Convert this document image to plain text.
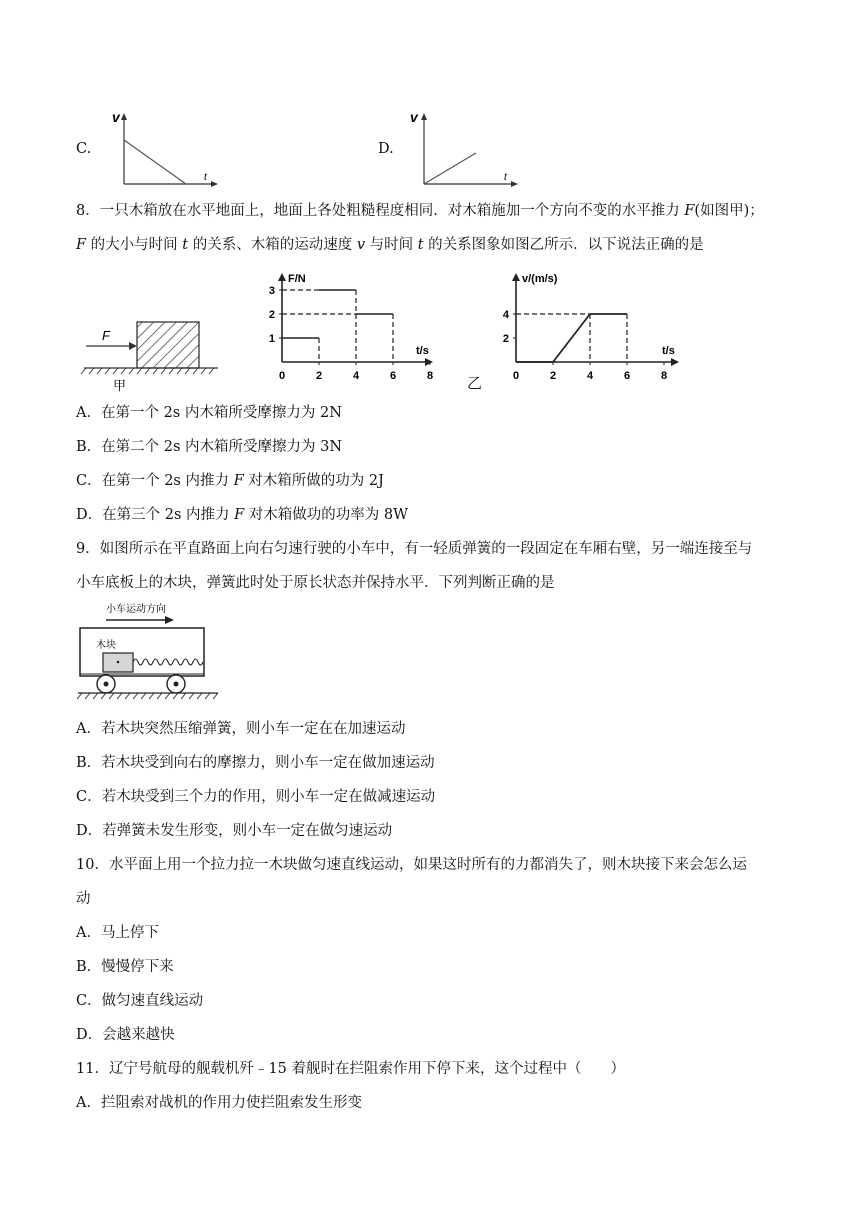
C.
v
t
D.
v
t
8．一只木箱放在水平地面上，地面上各处粗糙程度相同．对木箱施加一个方向不变的水平推力 F(如图甲)；
F 的大小与时间 t 的关系、木箱的运动速度 v 与时间 t 的关系图象如图乙所示．以下说法正确的是
F
甲
F/N
t/s
0	2	4	6	8
1
2
3
乙
v/(m/s)
t/s
0	2	4	6	8
2
4
A．在第一个 2s 内木箱所受摩擦力为 2N
B．在第二个 2s 内木箱所受摩擦力为 3N
C．在第一个 2s 内推力 F 对木箱所做的功为 2J
D．在第三个 2s 内推力 F 对木箱做功的功率为 8W
9．如图所示在平直路面上向右匀速行驶的小车中，有一轻质弹簧的一段固定在车厢右壁，另一端连接至与
小车底板上的木块，弹簧此时处于原长状态并保持水平．下列判断正确的是
小车运动方向
木块
A．若木块突然压缩弹簧，则小车一定在在加速运动
B．若木块受到向右的摩擦力，则小车一定在做加速运动
C．若木块受到三个力的作用，则小车一定在做减速运动
D．若弹簧未发生形变，则小车一定在做匀速运动
10．水平面上用一个拉力拉一木块做匀速直线运动，如果这时所有的力都消失了，则木块接下来会怎么运
动
A．马上停下
B．慢慢停下来
C．做匀速直线运动
D．会越来越快
11．辽宁号航母的舰载机歼﹣15 着舰时在拦阻索作用下停下来，这个过程中（　　）
A．拦阻索对战机的作用力使拦阻索发生形变
